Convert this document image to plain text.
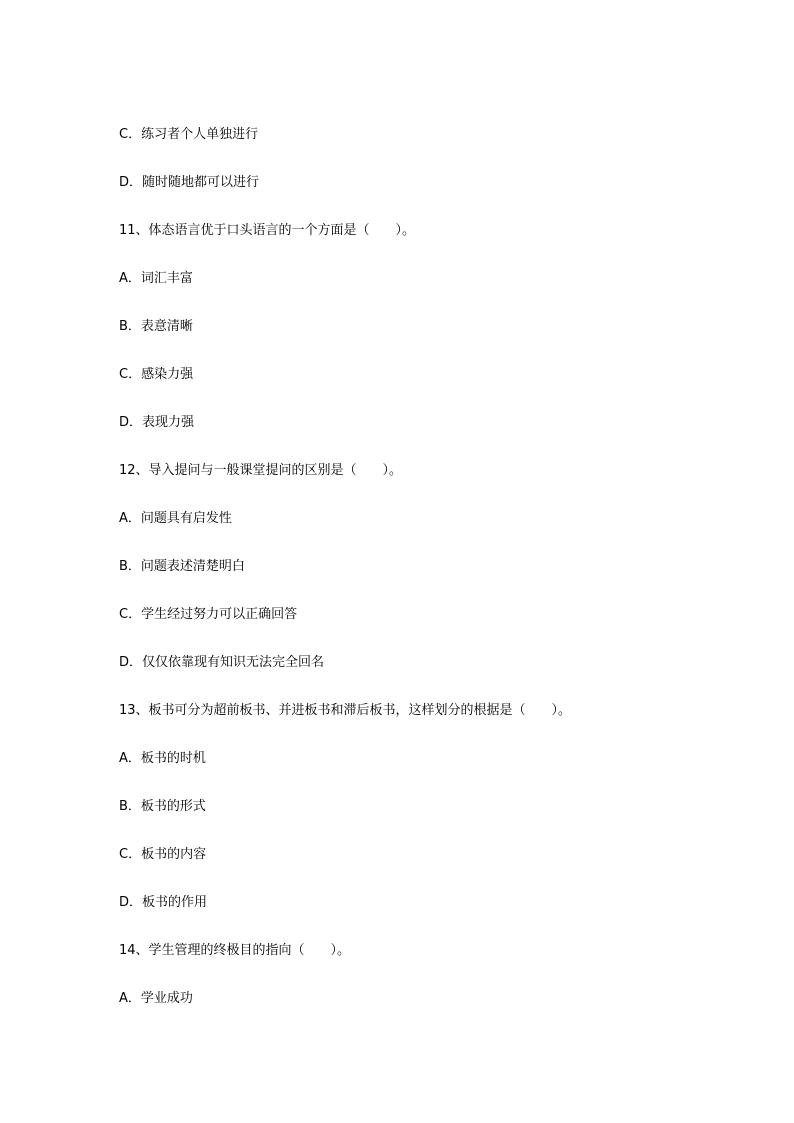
C．练习者个人单独进行
D．随时随地都可以进行
11、体态语言优于口头语言的一个方面是（　　）。
A．词汇丰富
B．表意清晰
C．感染力强
D．表现力强
12、导入提问与一般课堂提问的区别是（　　）。
A．问题具有启发性
B．问题表述清楚明白
C．学生经过努力可以正确回答
D．仅仅依靠现有知识无法完全回名
13、板书可分为超前板书、并进板书和滞后板书，这样划分的根据是（　　）。
A．板书的时机
B．板书的形式
C．板书的内容
D．板书的作用
14、学生管理的终极目的指向（　　）。
A．学业成功
